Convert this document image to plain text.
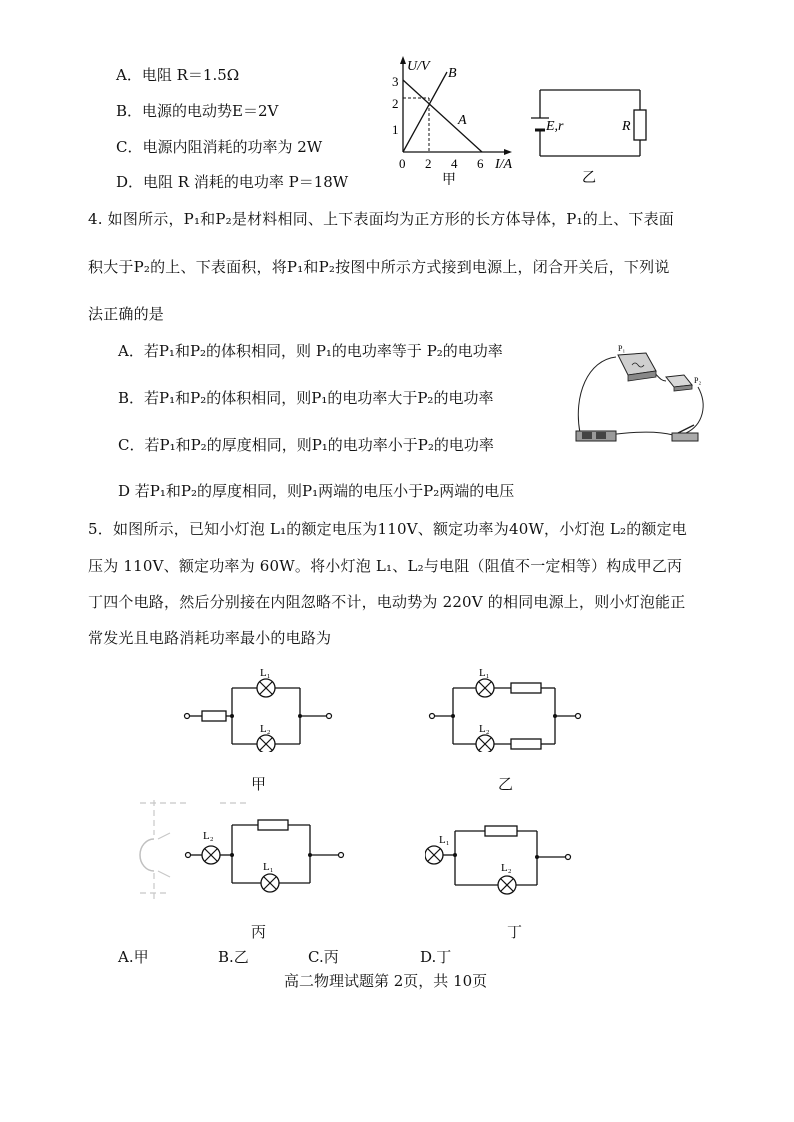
A．电阻 R＝1.5Ω
B．电源的电动势E＝2V
C．电源内阻消耗的功率为 2W
D．电阻 R 消耗的电功率 P＝18W
U/V B
A
1
2
3
0 2 4 6 I/A
甲
E,r	R
乙
4. 如图所示，P₁和P₂是材料相同、上下表面均为正方形的长方体导体，P₁的上、下表面
积大于P₂的上、下表面积，将P₁和P₂按图中所示方式接到电源上，闭合开关后，下列说
法正确的是
A．若P₁和P₂的体积相同，则 P₁的电功率等于 P₂的电功率
B．若P₁和P₂的体积相同，则P₁的电功率大于P₂的电功率
C．若P₁和P₂的厚度相同，则P₁的电功率小于P₂的电功率
D 若P₁和P₂的厚度相同，则P₁两端的电压小于P₂两端的电压
P₁
P₂
5．如图所示，已知小灯泡 L₁的额定电压为110V、额定功率为40W，小灯泡 L₂的额定电
压为 110V、额定功率为 60W。将小灯泡 L₁、L₂与电阻（阻值不一定相等）构成甲乙丙
丁四个电路，然后分别接在内阻忽略不计，电动势为 220V 的相同电源上，则小灯泡能正
常发光且电路消耗功率最小的电路为
L₁
L₂
甲
L₁
L₂
乙
L₂
L₁
丙
L₁
L₂
丁
A.甲	B.乙	C.丙	D.丁
高二物理试题第 2页，共 10页
